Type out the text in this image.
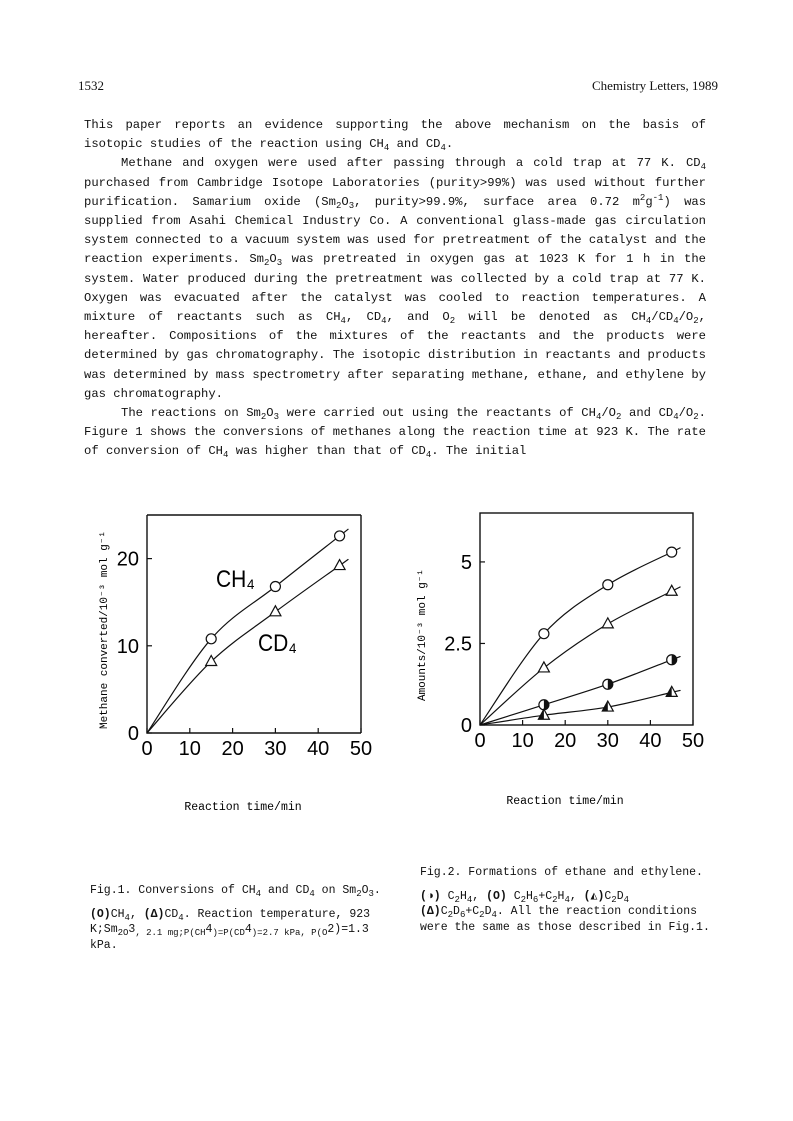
1532	Chemistry Letters, 1989

This paper reports an evidence supporting the above mechanism on the basis of isotopic studies of the reaction using $CH_4$ and $CD_4$.

Methane and oxygen were used after passing through a cold trap at 77 K. $CD_4$ purchased from Cambridge Isotope Laboratories (purity>99%) was used without further purification. Samarium oxide ($Sm_2O_3$, purity>99.9%, surface area 0.72 $m^2g^{-1}$) was supplied from Asahi Chemical Industry Co. A conventional glass-made gas circulation system connected to a vacuum system was used for pretreatment of the catalyst and the reaction experiments. $Sm_2O_3$ was pretreated in oxygen gas at 1023 K for 1 h in the system. Water produced during the pretreatment was collected by a cold trap at 77 K. Oxygen was evacuated after the catalyst was cooled to reaction temperatures. A mixture of reactants such as $CH_4$, $CD_4$, and $O_2$ will be denoted as $CH_4/CD_4/O_2$, hereafter. Compositions of the mixtures of the reactants and the products were determined by gas chromatography. The isotopic distribution in reactants and products was determined by mass spectrometry after separating methane, ethane, and ethylene by gas chromatography.

The reactions on $Sm_2O_3$ were carried out using the reactants of $CH_4/O_2$ and $CD_4/O_2$. Figure 1 shows the conversions of methanes along the reaction time at 923 K. The rate of conversion of $CH_4$ was higher than that of $CD_4$. The initial

0 10 20 30 40 50
0
10
20
Methane converted/10⁻³ mol g⁻¹
Reaction time/min
CH₄
CD₄
0 10 20 30 40 50
0
2.5
5
Amounts/10⁻³ mol g⁻¹
Reaction time/min

Fig.1. Conversions of $CH_4$ and $CD_4$ on $Sm_2O_3$.

$(O)CH_4$, $(\Delta)CD_4$. Reaction temperature, 923 $K;Sm_{2O}3_{, 2.1 mg;P(CH}4_{)=P(CD}4_{)=2.7 kPa, P(O}2)=1.3$ kPa.

Fig.2. Formations of ethane and ethylene.

(◑) $C_2H_4$, (O) $C_2H_6+C_2H_4$, $(◭)C_2D_4$
$(\Delta)C_2D_6+C_2D_4$. All the reaction conditions were the same as those described in Fig.1.
